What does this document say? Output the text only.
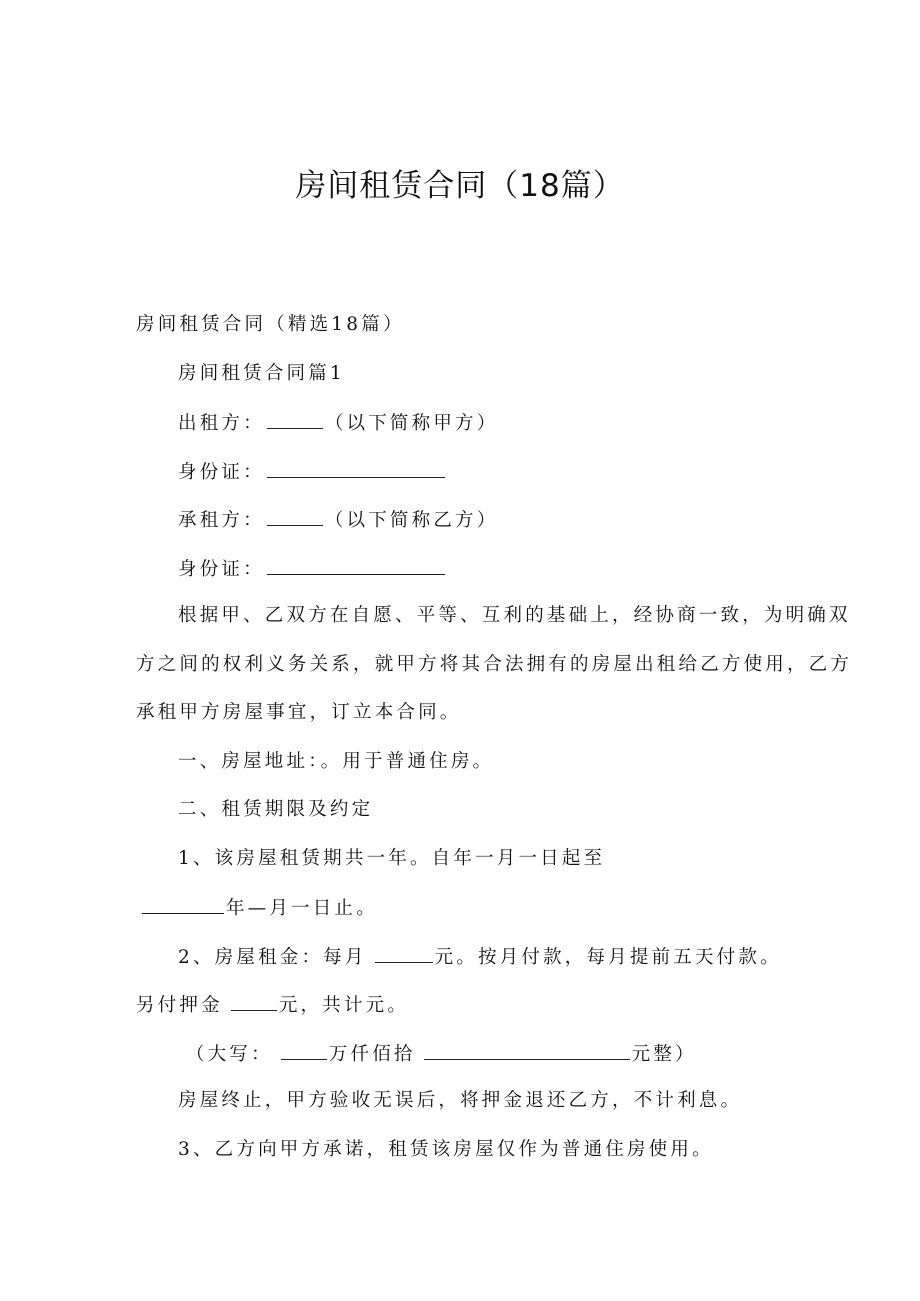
房间租赁合同（18篇）
房间租赁合同（精选18篇）
房间租赁合同篇1
出租方：	（以下简称甲方）
身份证：
承租方：	（以下简称乙方）
身份证：
根据甲、乙双方在自愿、平等、互利的基础上，经协商一致，为明确双
方之间的权利义务关系，就甲方将其合法拥有的房屋出租给乙方使用，乙方
承租甲方房屋事宜，订立本合同。
一、房屋地址：。用于普通住房。
二、租赁期限及约定
1、该房屋租赁期共一年。自年一月一日起至
年—月一日止。
2、房屋租金：每月	元。按月付款，每月提前五天付款。
另付押金	元，共计元。
（大写：	万仟佰拾	元整）
房屋终止，甲方验收无误后，将押金退还乙方，不计利息。
3、乙方向甲方承诺，租赁该房屋仅作为普通住房使用。
